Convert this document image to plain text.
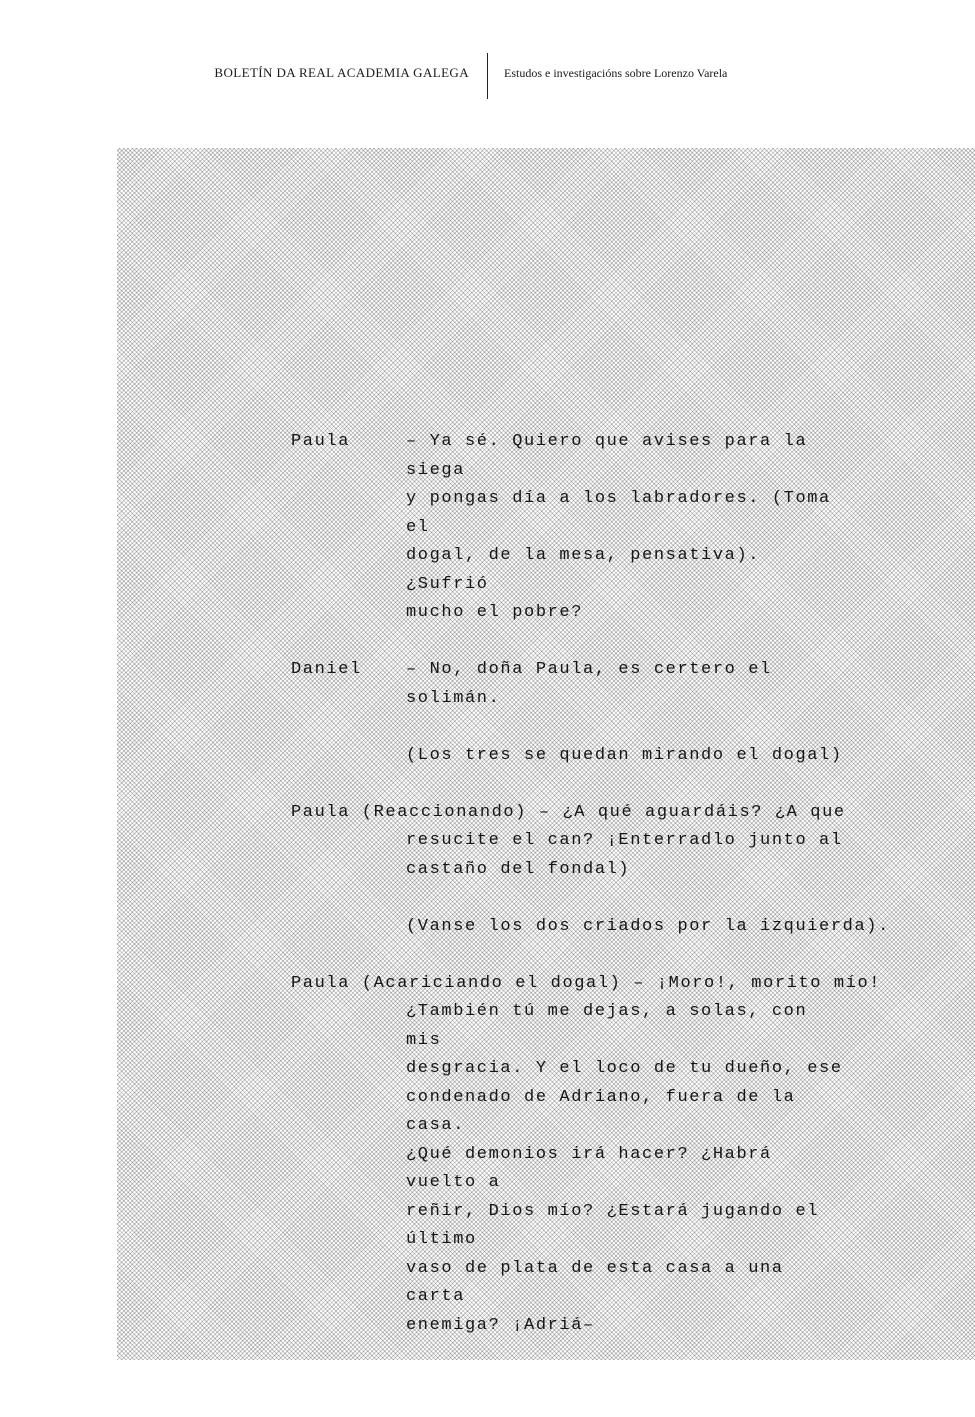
BOLETÍN DA REAL ACADEMIA GALEGA	Estudos e investigacións sobre Lorenzo Varela
Paula	– Ya sé. Quiero que avises para la siega
y pongas día a los labradores. (Toma el
dogal, de la mesa, pensativa). ¿Sufrió
mucho el pobre?
Daniel	– No, doña Paula, es certero el solimán.
(Los tres se quedan mirando el dogal)
Paula (Reaccionando) – ¿A qué aguardáis? ¿A que
resucite el can? ¡Enterradlo junto al
castaño del fondal)
(Vanse los dos criados por la izquierda).
Paula (Acariciando el dogal) – ¡Moro!, morito mío!
¿También tú me dejas, a solas, con mis
desgracia. Y el loco de tu dueño, ese
condenado de Adriano, fuera de la casa.
¿Qué demonios irá hacer? ¿Habrá vuelto a
reñir, Dios mío? ¿Estará jugando el último
vaso de plata de esta casa a una carta
enemiga? ¡Adriá–
